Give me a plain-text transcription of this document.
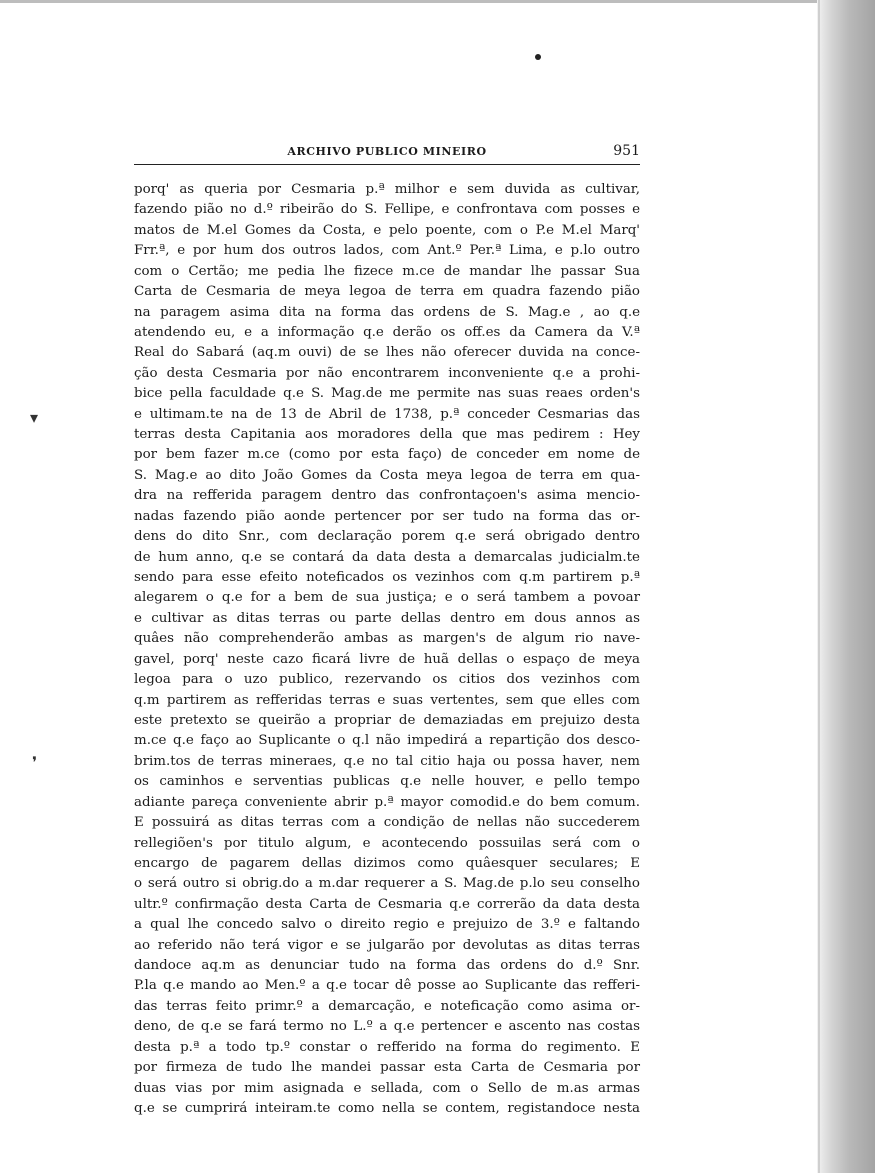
▾
❜
ARCHIVO PUBLICO MINEIRO	951
porq' as queria por Cesmaria p.ª milhor e sem duvida as cultivar,
fazendo pião no d.º ribeirão do S. Fellipe, e confrontava com posses e
matos de M.el Gomes da Costa, e pelo poente, com o P.e M.el Marq'
Frr.ª, e por hum dos outros lados, com Ant.º Per.ª Lima, e p.lo outro
com o Certão; me pedia lhe fizece m.ce de mandar lhe passar Sua
Carta de Cesmaria de meya legoa de terra em quadra fazendo pião
na paragem asima dita na forma das ordens de S. Mag.e , ao q.e
atendendo eu, e a informação q.e derão os off.es da Camera da V.ª
Real do Sabará (aq.m ouvi) de se lhes não oferecer duvida na conce-
ção desta Cesmaria por não encontrarem inconveniente q.e a prohi-
bice pella faculdade q.e S. Mag.de me permite nas suas reaes orden's
e ultimam.te na de 13 de Abril de 1738, p.ª conceder Cesmarias das
terras desta Capitania aos moradores della que mas pedirem : Hey
por bem fazer m.ce (como por esta faço) de conceder em nome de
S. Mag.e ao dito João Gomes da Costa meya legoa de terra em qua-
dra na refferida paragem dentro das confrontaçoen's asima mencio-
nadas fazendo pião aonde pertencer por ser tudo na forma das or-
dens do dito Snr., com declaração porem q.e será obrigado dentro
de hum anno, q.e se contará da data desta a demarcalas judicialm.te
sendo para esse efeito noteficados os vezinhos com q.m partirem p.ª
alegarem o q.e for a bem de sua justiça; e o será tambem a povoar
e cultivar as ditas terras ou parte dellas dentro em dous annos as
quâes não comprehenderão ambas as margen's de algum rio nave-
gavel, porq' neste cazo ficará livre de huã dellas o espaço de meya
legoa para o uzo publico, rezervando os citios dos vezinhos com
q.m partirem as refferidas terras e suas vertentes, sem que elles com
este pretexto se queirão a propriar de demaziadas em prejuizo desta
m.ce q.e faço ao Suplicante o q.l não impedirá a repartição dos desco-
brim.tos de terras mineraes, q.e no tal citio haja ou possa haver, nem
os caminhos e serventias publicas q.e nelle houver, e pello tempo
adiante pareça conveniente abrir p.ª mayor comodid.e do bem comum.
E possuirá as ditas terras com a condição de nellas não succederem
rellegiõen's por titulo algum, e acontecendo possuilas será com o
encargo de pagarem dellas dizimos como quâesquer seculares; E
o será outro si obrig.do a m.dar requerer a S. Mag.de p.lo seu conselho
ultr.º confirmação desta Carta de Cesmaria q.e correrão da data desta
a qual lhe concedo salvo o direito regio e prejuizo de 3.º e faltando
ao referido não terá vigor e se julgarão por devolutas as ditas terras
dandoce aq.m as denunciar tudo na forma das ordens do d.º Snr.
P.la q.e mando ao Men.º a q.e tocar dê posse ao Suplicante das refferi-
das terras feito primr.º a demarcação, e noteficação como asima or-
deno, de q.e se fará termo no L.º a q.e pertencer e ascento nas costas
desta p.ª a todo tp.º constar o refferido na forma do regimento. E
por firmeza de tudo lhe mandei passar esta Carta de Cesmaria por
duas vias por mim asignada e sellada, com o Sello de m.as armas
q.e se cumprirá inteiram.te como nella se contem, registandoce nesta
